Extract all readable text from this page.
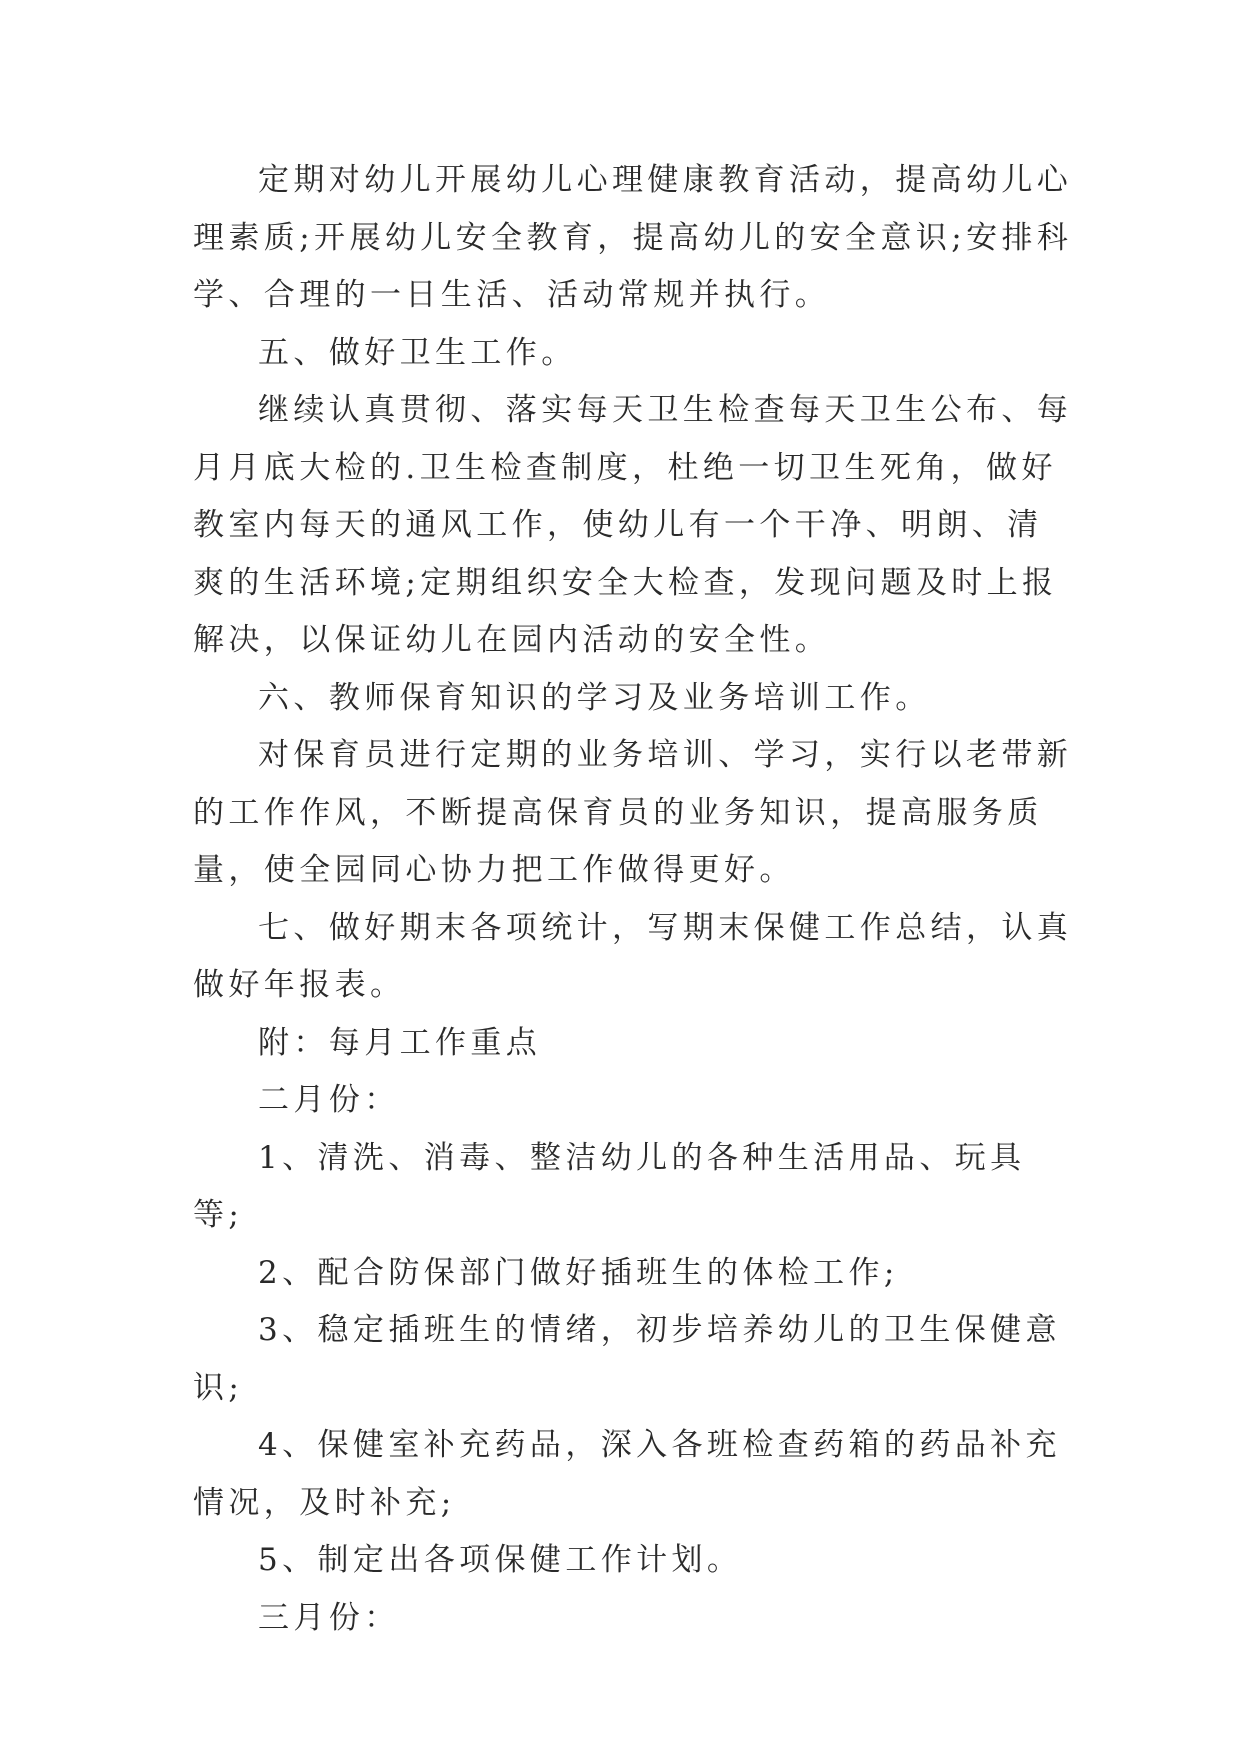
定期对幼儿开展幼儿心理健康教育活动，提高幼儿心理素质;开展幼儿安全教育，提高幼儿的安全意识;安排科学、合理的一日生活、活动常规并执行。

五、做好卫生工作。

继续认真贯彻、落实每天卫生检查每天卫生公布、每月月底大检的.卫生检查制度，杜绝一切卫生死角，做好教室内每天的通风工作，使幼儿有一个干净、明朗、清爽的生活环境;定期组织安全大检查，发现问题及时上报解决，以保证幼儿在园内活动的安全性。

六、教师保育知识的学习及业务培训工作。

对保育员进行定期的业务培训、学习，实行以老带新的工作作风，不断提高保育员的业务知识，提高服务质量，使全园同心协力把工作做得更好。

七、做好期末各项统计，写期末保健工作总结，认真做好年报表。

附：每月工作重点

二月份：

1、清洗、消毒、整洁幼儿的各种生活用品、玩具等;

2、配合防保部门做好插班生的体检工作;

3、稳定插班生的情绪，初步培养幼儿的卫生保健意识;

4、保健室补充药品，深入各班检查药箱的药品补充情况，及时补充;

5、制定出各项保健工作计划。

三月份：
